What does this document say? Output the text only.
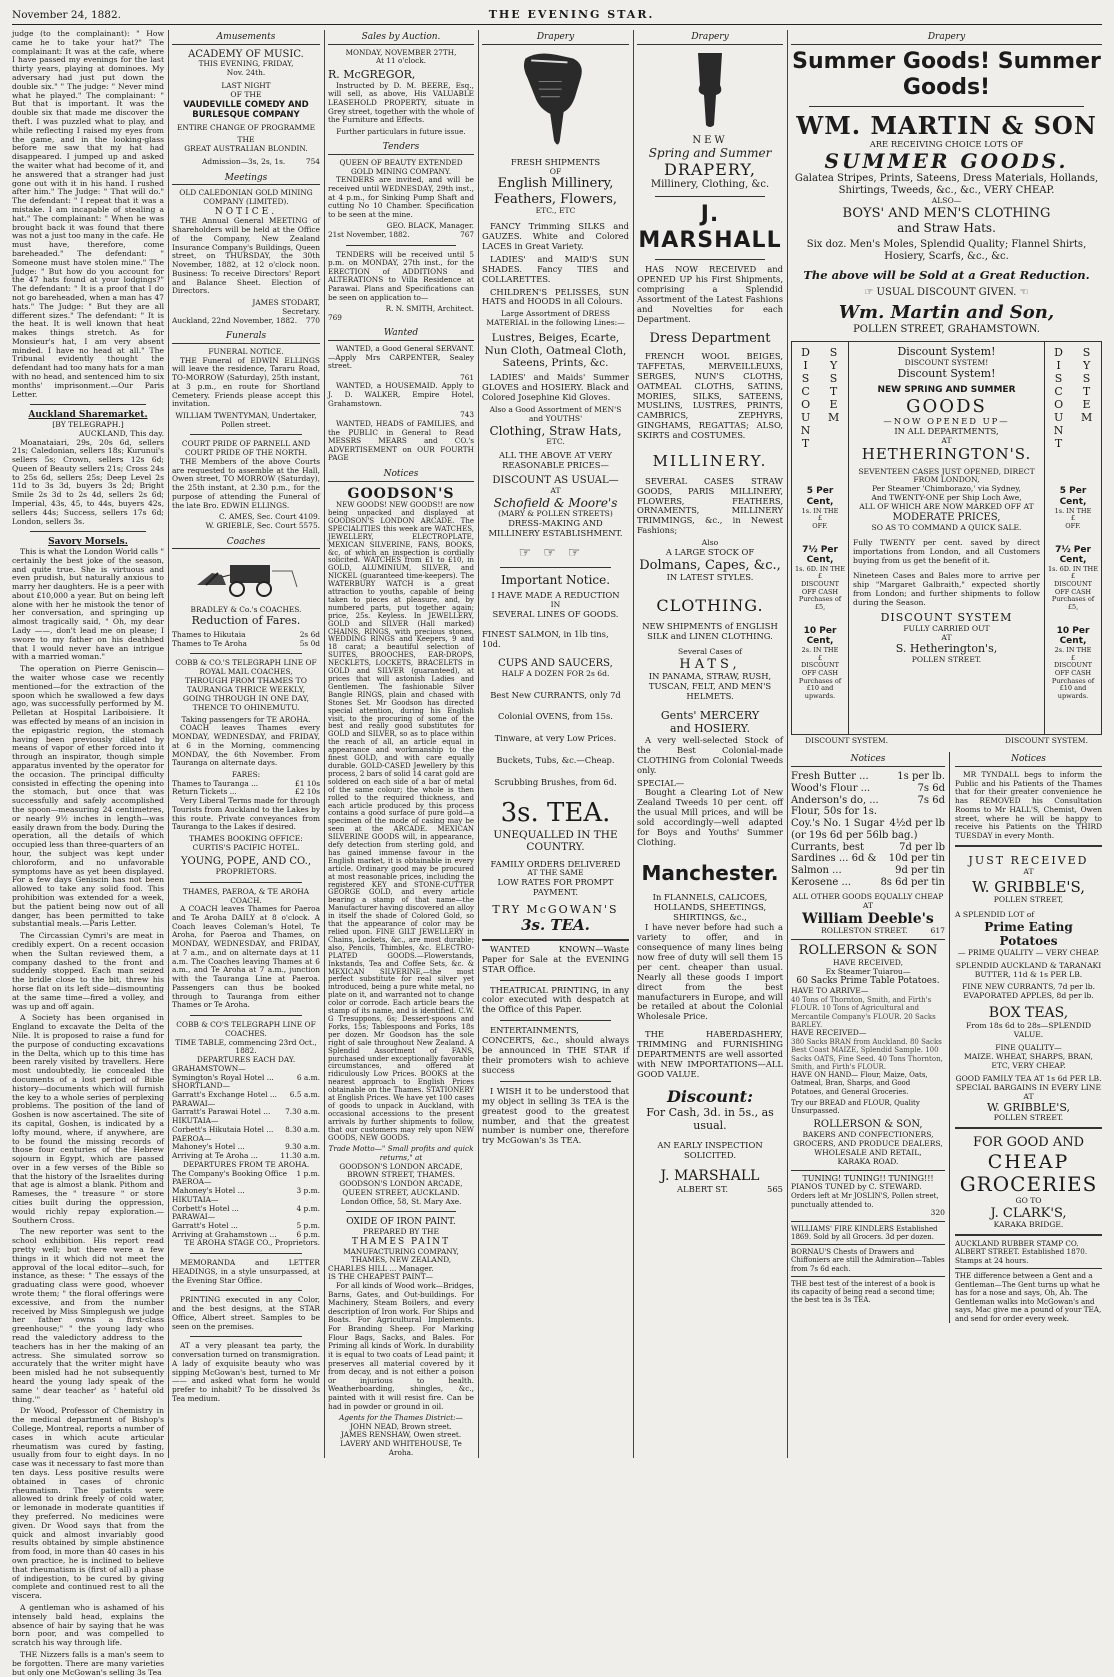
November 24, 1882.	THE EVENING STAR.

judge (to the complainant): " How came he to take your hat?" The complainant: It was at the cafe, where I have passed my evenings for the last thirty years, playing at dominoes. My adversary had just put down the double six." " The judge: " Never mind what he played." The complainant: " But that is important. It was the double six that made me discover the theft. I was puzzled what to play, and while reflecting I raised my eyes from the game, and in the looking-glass before me saw that my hat had disappeared. I jumped up and asked the waiter what had become of it, and he answered that a stranger had just gone out with it in his hand. I rushed after him." The Judge: " That will do." The defendant: " I repeat that it was a mistake. I am incapable of stealing a hat." The complainant: " When he was brought back it was found that there was not a just too many in the cafe. He must have, therefore, come bareheaded." The defendant: " Someone must have stolen mine." The Judge: " But how do you account for the 47 hats found at your lodgings?" The defendant: " It is a proof that I do not go bareheaded, when a man has 47 hats." The Judge: " But they are all different sizes." The defendant: " It is the heat. It is well known that heat makes things stretch. As for Monsieur's hat, I am very absent minded. I have no head at all." The Tribunal evidently thought the defendant had too many hats for a man with no head, and sentenced him to six months' imprisonment.—Our Paris Letter.

Auckland Sharemarket.
[BY TELEGRAPH.]
AUCKLAND, This day.

Moanataiari, 29s, 20s 6d, sellers 21s; Caledonian, sellers 18s; Kurunui's sellers 5s; Crown, sellers 12s 6d; Queen of Beauty sellers 21s; Cross 24s to 25s 6d, sellers 25s; Deep Level 2s 11d to 3s 3d, buyers 3s 2d; Bright Smile 2s 3d to 2s 4d, sellers 2s 6d; Imperial, 43s, 45, to 44s, buyers 42s, sellers 44s; Success, sellers 17s 6d; London, sellers 3s.

Savory Morsels.

This is what the London World calls " certainly the best joke of the season, and quite true. She is virtuous and even prudish, but naturally anxious to marry her daughters. He is a peer with about £10,000 a year. But on being left alone with her he mistook the tenor of her conversation, and springing up almost tragically said, " Oh, my dear Lady ——, don't lead me on please; I swore to my father on his deathbed that I would never have an intrigue with a married woman."

The operation on Pierre Geniscin—the waiter whose case we recently mentioned—for the extraction of the spoon which he swallowed a few days ago, was successfully performed by M. Pelletan at Hospital Lariboisiere. It was effected by means of an incision in the epigastric region, the stomach having been previously dilated by means of vapor of ether forced into it through an inspirator, though simple apparatus invented by the operator for the occasion. The principal difficulty consisted in effecting the opening into the stomach, but once that was successfully and safely accomplished the spoon—measuring 24 centimetres, or nearly 9½ inches in length—was easily drawn from the body. During the operation, all the details of which occupied less than three-quarters of an hour, the subject was kept under chloroform, and no unfavorable symptoms have as yet been displayed. For a few days Geniscin has not been allowed to take any solid food. This prohibition was extended for a week, but the patient being now out of all danger, has been permitted to take substantial meals.—Paris Letter.

The Circassian Cymri's are meat in credibly expert. On a recent occasion when the Sultan reviewed them, a company dashed to the front and suddenly stopped. Each man seized the bridle close to the bit, threw his horse flat on its left side—dismounting at the same time—fired a volley, and was up and off again.

A Society has been organised in England to excavate the Delta of the Nile. It is proposed to raise a fund for the purpose of conducting excavations in the Delta, which up to this time has been rarely visited by travellers. Here most undoubtedly, lie concealed the documents of a lost period of Bible history—documents which will furnish the key to a whole series of perplexing problems. The position of the land of Goshen is now ascertained. The site of its capital, Goshen, is indicated by a lofty mound, where, if anywhere, are to be found the missing records of those four centuries of the Hebrew sojourn in Egypt, which are passed over in a few verses of the Bible so that the history of the Israelites during that age is almost a blank. Pithom and Rameses, the " treasure " or store cities built during the oppression, would richly repay exploration.—Southern Cross.

The new reporter was sent to the school exhibition. His report read pretty well; but there were a few things in it which did not meet the approval of the local editor—such, for instance, as these: " The essays of the graduating class were good, whoever wrote them; " the floral offerings were excessive, and from the number received by Miss Simplegush we judge her father owns a first-class greenhouse;" " the young lady who read the valedictory address to the teachers has in her the making of an actress. She simulated sorrow so accurately that the writer might have been misled had he not subsequently heard the young lady speak of the same ' dear teacher' as ' hateful old thing.'"

Dr Wood, Professor of Chemistry in the medical department of Bishop's College, Montreal, reports a number of cases in which acute articular rheumatism was cured by fasting, usually from four to eight days. In no case was it necessary to fast more than ten days. Less positive results were obtained in cases of chronic rheumatism. The patients were allowed to drink freely of cold water, or lemonade in moderate quantities if they preferred. No medicines were given. Dr Wood says that from the quick and almost invariably good results obtained by simple abstinence from food, in more than 40 cases in his own practice, he is inclined to believe that rheumatism is (first of all) a phase of indigestion, to be cured by giving complete and continued rest to all the viscera.

A gentleman who is ashamed of his intensely bald head, explains the absence of hair by saying that he was born poor, and was compelled to scratch his way through life.

THE Nizzers falls is a man's seem to be forgotten. There are many varieties but only one McGowan's selling 3s Tea

Amusements
ACADEMY OF MUSIC.
THIS EVENING, FRIDAY,
Nov. 24th.
LAST NIGHT
OF THE
VAUDEVILLE COMEDY AND
BURLESQUE COMPANY
ENTIRE CHANGE OF PROGRAMME
THE
GREAT AUSTRALIAN BLONDIN.
Admission—3s, 2s, 1s.	754
Meetings
OLD CALEDONIAN GOLD MINING COMPANY (LIMITED).
NOTICE.

THE Annual General MEETING of Shareholders will be held at the Office of the Company, New Zealand Insurance Company's Buildings, Queen street, on THURSDAY, the 30th November, 1882, at 12 o'clock noon. Business: To receive Directors' Report and Balance Sheet. Election of Directors.

JAMES STODART,
Secretary.
Auckland, 22nd November, 1882. 770
Funerals
FUNERAL NOTICE.

THE Funeral of EDWIN ELLINGS will leave the residence, Tararu Road, TO-MORROW (Saturday), 25th instant, at 3 p.m., en route for Shortland Cemetery. Friends please accept this invitation.

WILLIAM TWENTYMAN, Undertaker, Pollen street.
COURT PRIDE OF PARNELL AND COURT PRIDE OF THE NORTH.

THE Members of the above Courts are requested to assemble at the Hall, Owen street, TO MORROW (Saturday), the 25th instant, at 2.30 p.m., for the purpose of attending the Funeral of the late Bro. EDWIN ELLINGS.

C. AMES, Sec. Court 4109.
W. GRIEBLE, Sec. Court 5575.
Coaches
BRADLEY & Co.'s COACHES.
Reduction of Fares.
Thames to Hikutaia	2s 6d
Thames to Te Aroha	5s 0d
COBB & CO.'S TELEGRAPH LINE OF ROYAL MAIL COACHES,
THROUGH FROM THAMES TO TAURANGA THRICE WEEKLY, GOING THROUGH IN ONE DAY, THENCE TO OHINEMUTU.
Taking passengers for TE AROHA.

COACH leaves Thames every MONDAY, WEDNESDAY, and FRIDAY, at 6 in the Morning, commencing MONDAY, the 6th November. From Tauranga on alternate days.

FARES:
Thames to Tauranga ...	£1 10s
Return Tickets ...	£2 10s

Very Liberal Terms made for through Tourists from Auckland to the Lakes by this route. Private conveyances from Tauranga to the Lakes if desired.

THAMES BOOKING OFFICE: CURTIS'S PACIFIC HOTEL.
YOUNG, POPE, AND CO.,
PROPRIETORS.
THAMES, PAEROA, & TE AROHA COACH.

A COACH leaves Thames for Paeroa and Te Aroha DAILY at 8 o'clock. A Coach leaves Coleman's Hotel, Te Aroha, for Paeroa and Thames, on MONDAY, WEDNESDAY, and FRIDAY, at 7 a.m., and on alternate days at 11 a.m. The Coaches leaving Thames at 6 a.m., and Te Aroha at 7 a.m., junction with the Tauranga Line at Paeroa. Passengers can thus be booked through to Tauranga from either Thames or Te Aroha.

COBB & CO'S TELEGRAPH LINE OF COACHES.
TIME TABLE, commencing 23rd Oct., 1882.
DEPARTURES EACH DAY.
GRAHAMSTOWN—
Symington's Royal Hotel ...	6 a.m.
SHORTLAND—
Garratt's Exchange Hotel ... 6.5 a.m.
PARAWAI—
Garratt's Parawai Hotel ... 7.30 a.m.
HIKUTAIA—
Corbett's Hikutaia Hotel ... 8.30 a.m.
PAEROA—
Mahoney's Hotel ...	9.30 a.m.
Arriving at Te Aroha ...	11.30 a.m.
DEPARTURES FROM TE AROHA.
The Company's Booking Office 1 p.m.
PAEROA—
Mahoney's Hotel ...	3 p.m.
HIKUTAIA—
Corbett's Hotel ...	4 p.m.
PARAWAI—
Garratt's Hotel ...	5 p.m.
Arriving at Grahamstown ...	6 p.m.
TE AROHA STAGE CO., Proprietors.

MEMORANDA and LETTER HEADINGS, in a style unsurpassed, at the Evening Star Office.

PRINTING executed in any Color, and the best designs, at the STAR Office, Albert street. Samples to be seen on the premises.

AT a very pleasant tea party, the conversation turned on transmigration. A lady of exquisite beauty who was sipping McGowan's best, turned to Mr —— and asked what form he would prefer to inhabit? To be dissolved 3s Tea medium.

Sales by Auction.
MONDAY, NOVEMBER 27TH,
At 11 o'clock.
R. McGREGOR,

Instructed by D. M. BEERE, Esq., will sell, as above, His VALUABLE LEASEHOLD PROPERTY, situate in Grey street, together with the whole of the Furniture and Effects.

Further particulars in future issue.
Tenders
QUEEN OF BEAUTY EXTENDED GOLD MINING COMPANY.

TENDERS are invited, and will be received until WEDNESDAY, 29th inst., at 4 p.m., for Sinking Pump Shaft and cutting No 10 Chamber. Specification to be seen at the mine.

GEO. BLACK, Manager.
21st November, 1882.	767

TENDERS will be received until 5 p.m. on MONDAY, 27th inst., for the ERECTION of ADDITIONS and ALTERATIONS to Villa Residence at Parawai. Plans and Specifications can be seen on application to—

R. N. SMITH, Architect.
769
Wanted

WANTED, a Good General SERVANT. —Apply Mrs CARPENTER, Sealey street.

761

WANTED, a HOUSEMAID. Apply to J. D. WALKER, Empire Hotel, Grahamstown.

743

WANTED, HEADS of FAMILIES, and the PUBLIC in General to Read MESSRS MEARS and CO.'s ADVERTISEMENT on OUR FOURTH PAGE

Notices
GOODSON'S

NEW GOODS! NEW GOODS!! are now being unpacked and displayed at GOODSON'S LONDON ARCADE. The SPECIALITIES this week are WATCHES, JEWELLERY, ELECTROPLATE, MEXICAN SILVERINE, FANS, BOOKS, &c, of which an inspection is cordially solicited. WATCHES from £1 to £10, in GOLD, ALUMINIUM, SILVER, and NICKEL (guaranteed time-keepers). The WATERBURY WATCH is a great attraction to youths, capable of being taken to pieces at pleasure, and, by numbered parts, put together again; price, 25s. Keyless. In JEWELLERY, GOLD and SILVER (Hall marked) CHAINS, RINGS, with precious stones, WEDDING RINGS and Keepers, 9 and 18 carat; a beautiful selection of SUITES, BROOCHES, EAR-DROPS, NECKLETS, LOCKETS, BRACELETS in GOLD and SILVER (guaranteed), at prices that will astonish Ladies and Gentlemen. The fashionable Silver Bangle RINGS, plain and chased with Stones Set. Mr Goodson has directed special attention, during his English visit, to the procuring of some of the best and really good substitutes for GOLD and SILVER, so as to place within the reach of all, an article equal in appearance and workmanship to the finest GOLD, and with care equally durable. GOLD-CASED Jewellery by this process, 2 bars of solid 14 carat gold are soldered on each side of a bar of metal of the same colour; the whole is then rolled to the required thickness, and each article produced by this process contains a good surface of pure gold—a specimen of the mode of casing may be seen at the ARCADE. MEXICAN SILVERINE GOODS will, in appearance, defy detection from sterling gold, and has gained immense favour in the English market, it is obtainable in every article. Ordinary good may be procured at most reasonable prices, including the registered KEY and STONE-CUTTER GEORGE GOLD, and every article bearing a stamp of that name—the Manufacturer having discovered an alloy in itself the shade of Colored Gold, so that the appearance of color may be relied upon. FINE GILT JEWELLERY in Chains, Lockets, &c., are most durable; also, Pencils, Thimbles, &c. ELECTRO-PLATED GOODS.—Flowerstands, Inkstands, Tea and Coffee Sets, &c. & MEXICAN SILVERINE,—the most perfect substitute for real silver yet introduced, being a pure white metal, no plate on it, and warranted not to change color or corrode. Each article bears the stamp of its name, and is identified. C.W. G Tresuppons, 6s; Dessert-spoons and Forks, 15s; Tablespoons and Forks, 18s per dozen. Mr Goodson has the sole right of sale throughout New Zealand. A Splendid Assortment of FANS, purchased under exceptionally favorable circumstances, and offered at ridiculously Low Prices. BOOKS at the nearest approach to English Prices obtainable on the Thames. STATIONERY at English Prices. We have yet 100 cases of goods to unpack in Auckland, with occasional accessions to the present arrivals by further shipments to follow, that our customers may rely upon NEW GOODS, NEW GOODS.

Trade Motto—" Small profits and quick returns," at
GOODSON'S LONDON ARCADE,
BROWN STREET, THAMES.
GOODSON'S LONDON ARCADE,
QUEEN STREET, AUCKLAND.
London Office, 58, St. Mary Axe.
OXIDE OF IRON PAINT.
PREPARED BY THE
THAMES PAINT
MANUFACTURING COMPANY,
THAMES, NEW ZEALAND,
CHARLES HILL ... Manager.
IS THE CHEAPEST PAINT—

For all kinds of Wood work—Bridges, Barns, Gates, and Out-buildings. For Machinery, Steam Boilers, and every description of Iron work. For Ships and Boats. For Agricultural Implements. For Branding Sheep. For Marking Flour Bags, Sacks, and Bales. For Priming all kinds of Work. In durability it is equal to two coats of Lead paint; it preserves all material covered by it from decay, and is not either a poison or injurious to health. Weatherboarding, shingles, &c., painted with it will resist fire. Can be had in powder or ground in oil.

Agents for the Thames District:—
JOHN NEAD, Brown street.
JAMES RENSHAW, Owen street.
LAVERY AND WHITEHOUSE, Te Aroha.
Drapery
FRESH SHIPMENTS
OF
English Millinery,
Feathers, Flowers,
ETC., ETC

FANCY Trimming SILKS and GAUZES. White and Colored LACES in Great Variety.

LADIES' and MAID'S SUN SHADES. Fancy TIES and COLLARETTES.

CHILDREN'S PELISSES, SUN HATS and HOODS in all Colours.

Large Assortment of DRESS MATERIAL in the following Lines:—
Lustres, Beiges, Ecarte, Nun Cloth, Oatmeal Cloth, Sateens, Prints, &c.

LADIES' and Maids' Summer GLOVES and HOSIERY. Black and Colored Josephine Kid Gloves.

Also a Good Assortment of MEN'S and YOUTHS'
Clothing, Straw Hats,
ETC.
ALL THE ABOVE AT VERY REASONABLE PRICES—
DISCOUNT AS USUAL—
AT
Schofield & Moore's
(MARY & POLLEN STREETS)
DRESS-MAKING AND MILLINERY ESTABLISHMENT.
☞☞☞
Important Notice.
I HAVE MADE A REDUCTION
IN
SEVERAL LINES OF GOODS.
FINEST SALMON, in 1lb tins, 10d.
CUPS AND SAUCERS,
HALF A DOZEN FOR 2s 6d.
Best New CURRANTS, only 7d
Colonial OVENS, from 15s.
Tinware, at very Low Prices.
Buckets, Tubs, &c.—Cheap.
Scrubbing Brushes, from 6d.
3s. TEA.
UNEQUALLED IN THE COUNTRY.
FAMILY ORDERS DELIVERED
AT THE SAME
LOW RATES FOR PROMPT PAYMENT.
TRY McGOWAN'S
3s. TEA.

WANTED KNOWN—Waste Paper for Sale at the EVENING STAR Office.

THEATRICAL PRINTING, in any color executed with despatch at the Office of this Paper.

ENTERTAINMENTS, CONCERTS, &c., should always be announced in THE STAR if their promoters wish to achieve success

I WISH it to be understood that my object in selling 3s TEA is the greatest good to the greatest number, and that the greatest number is number one, therefore try McGowan's 3s TEA.

Drapery
NEW
Spring and Summer
DRAPERY,
Millinery, Clothing, &c.
J. MARSHALL

HAS NOW RECEIVED and OPENED UP his First Shipments, comprising a Splendid Assortment of the Latest Fashions and Novelties for each Department.

Dress Department

FRENCH WOOL BEIGES, TAFFETAS, MERVEILLEUXS, SERGES, NUN'S CLOTHS, OATMEAL CLOTHS, SATINS, MORIES, SILKS, SATEENS, MUSLINS, LUSTRES, PRINTS, CAMBRICS, ZEPHYRS, GINGHAMS, REGATTAS; ALSO, SKIRTS and COSTUMES.

MILLINERY.

SEVERAL CASES STRAW GOODS, PARIS MILLINERY, FLOWERS, FEATHERS, ORNAMENTS, MILLINERY TRIMMINGS, &c., in Newest Fashions;

Also
A LARGE STOCK OF
Dolmans, Capes, &c.,
IN LATEST STYLES.
CLOTHING.
NEW SHIPMENTS of ENGLISH SILK and LINEN CLOTHING.
Several Cases of
HATS,
IN PANAMA, STRAW, RUSH, TUSCAN, FELT, AND MEN'S HELMETS.
Gents' MERCERY
and HOSIERY.

A very well-selected Stock of the Best Colonial-made CLOTHING from Colonial Tweeds only.

SPECIAL—

Bought a Clearing Lot of New Zealand Tweeds 10 per cent. off the usual Mill prices, and will be sold accordingly—well adapted for Boys and Youths' Summer Clothing.

Manchester.
In FLANNELS, CALICOES, HOLLANDS, SHEETINGS, SHIRTINGS, &c.,

I have never before had such a variety to offer, and in consequence of many lines being now free of duty will sell them 15 per cent. cheaper than usual. Nearly all these goods I import direct from the best manufacturers in Europe, and will be retailed at about the Colonial Wholesale Price.

THE HABERDASHERY, TRIMMING and FURNISHING DEPARTMENTS are well assorted with NEW IMPORTATIONS—ALL GOOD VALUE.

Discount:
For Cash, 3d. in 5s., as usual.
AN EARLY INSPECTION SOLICITED.
J. MARSHALL
ALBERT ST.	565
Drapery
Summer Goods! Summer Goods!
WM. MARTIN & SON
ARE RECEIVING CHOICE LOTS OF
SUMMER GOODS.
Galatea Stripes, Prints, Sateens, Dress Materials, Hollands, Shirtings, Tweeds, &c., &c., VERY CHEAP.
ALSO—
BOYS' AND MEN'S CLOTHING
and Straw Hats.
Six doz. Men's Moles, Splendid Quality; Flannel Shirts, Hosiery, Scarfs, &c., &c.
The above will be Sold at a Great Reduction.
☞ USUAL DISCOUNT GIVEN. ☜
Wm. Martin and Son,
POLLEN STREET, GRAHAMSTOWN.
D
I
S
C
O
U
N
T
S
Y
S
T
E
M
5 Per Cent,
1s. IN THE
£
OFF.
7½ Per Cent,
1s. 6D. IN THE
£
DISCOUNT OFF CASH Purchases of £5,
10 Per Cent,
2s. IN THE
£
DISCOUNT OFF CASH Purchases of £10 and upwards.
Discount System!
DISCOUNT SYSTEM!
Discount System!
NEW SPRING AND SUMMER
GOODS
—NOW OPENED UP—
IN ALL DEPARTMENTS,
AT
HETHERINGTON'S.
SEVENTEEN CASES JUST OPENED, DIRECT FROM LONDON,
Per Steamer 'Chimborazo,' via Sydney,
And TWENTY-ONE per Ship Loch Awe,
ALL OF WHICH ARE NOW MARKED OFF AT
MODERATE PRICES,
SO AS TO COMMAND A QUICK SALE.
Fully TWENTY per cent. saved by direct importations from London, and all Customers buying from us get the benefit of it.
Nineteen Cases and Bales more to arrive per ship "Margaret Galbraith," expected shortly from London; and further shipments to follow during the Season.
DISCOUNT SYSTEM
FULLY CARRIED OUT
AT
S. Hetherington's,
POLLEN STREET.
D
I
S
C
O
U
N
T
S
Y
S
T
E
M
5 Per Cent,
1s. IN THE
£
OFF.
7½ Per Cent,
1s. 6D. IN THE
£
DISCOUNT OFF CASH Purchases of £5,
10 Per Cent,
2s. IN THE
£
DISCOUNT OFF CASH Purchases of £10 and upwards.
DISCOUNT SYSTEM.	DISCOUNT SYSTEM.
Notices
Fresh Butter ...	1s per lb.
Wood's Flour ...	7s 6d
Anderson's do, ...	7s 6d
Flour, 50s for 1s.
Coy.'s No. 1 Sugar 4½d per lb
(or 19s 6d per 56lb bag.)
Currants, best	7d per lb
Sardines ... 6d & 10d per tin
Salmon ...	9d per tin
Kerosene ...	8s 6d per tin
ALL OTHER GOODS EQUALLY CHEAP AT
William Deeble's
ROLLESTON STREET.	617
ROLLERSON & SON
HAVE RECEIVED,
Ex Steamer Tuiarou—
60 Sacks Prime Table Potatoes.
HAVE TO ARRIVE—
40 Tons of Thornton, Smith, and Firth's FLOUR. 10 Tons of Agricultural and Mercantile Company's FLOUR. 20 Sacks BARLEY.
HAVE RECEIVED—
380 Sacks BRAN from Auckland. 80 Sacks Best Coast MAIZE, Splendid Sample. 100 Sacks OATS, Fine Seed. 40 Tons Thornton, Smith, and Firth's FLOUR.
HAVE ON HAND— Flour, Maize, Oats, Oatmeal, Bran, Sharps, and Good Potatoes, and General Groceries.
Try our BREAD and FLOUR, Quality Unsurpassed.
ROLLERSON & SON,
BAKERS AND CONFECTIONERS, GROCERS, AND PRODUCE DEALERS,
WHOLESALE AND RETAIL,
KARAKA ROAD.
TUNING! TUNING!! TUNING!!!
PIANOS TUNED by C. STEWARD.
Orders left at Mr JOSLIN'S, Pollen street, punctually attended to.
320
WILLIAMS' FIRE KINDLERS Established 1869. Sold by all Grocers. 3d per dozen.
BORNAU'S Chests of Drawers and Chiffoniers are still the Admiration—Tables from 7s 6d each.
THE best test of the interest of a book is its capacity of being read a second time; the best tea is 3s TEA.
Notices

MR TYNDALL begs to inform the Public and his Patients of the Thames that for their greater convenience he has REMOVED his Consultation Rooms to Mr HALL'S, Chemist, Owen street, where he will be happy to receive his Patients on the THIRD TUESDAY in every Month.

JUST RECEIVED
AT
W. GRIBBLE'S,
POLLEN STREET,
A SPLENDID LOT of
Prime Eating Potatoes
— PRIME QUALITY — VERY CHEAP.
SPLENDID AUCKLAND & TARANAKI BUTTER, 11d & 1s PER LB.
FINE NEW CURRANTS, 7d per lb. EVAPORATED APPLES, 8d per lb.
BOX TEAS,
From 18s 6d to 28s—SPLENDID VALUE.
FINE QUALITY—
MAIZE. WHEAT, SHARPS, BRAN, ETC, VERY CHEAP.
GOOD FAMILY TEA AT 1s 6d PER LB.
SPECIAL BARGAINS IN EVERY LINE AT
W. GRIBBLE'S,
POLLEN STREET.
FOR GOOD AND
CHEAP
GROCERIES
GO TO
J. CLARK'S,
KARAKA BRIDGE.
AUCKLAND RUBBER STAMP CO. ALBERT STREET. Established 1870. Stamps at 24 hours.
THE difference between a Gent and a Gentleman—The Gent turns up what he has for a nose and says, Oh, Ah. The Gentleman walks into McGowan's and says, Mac give me a pound of your TEA, and send for order every week.
